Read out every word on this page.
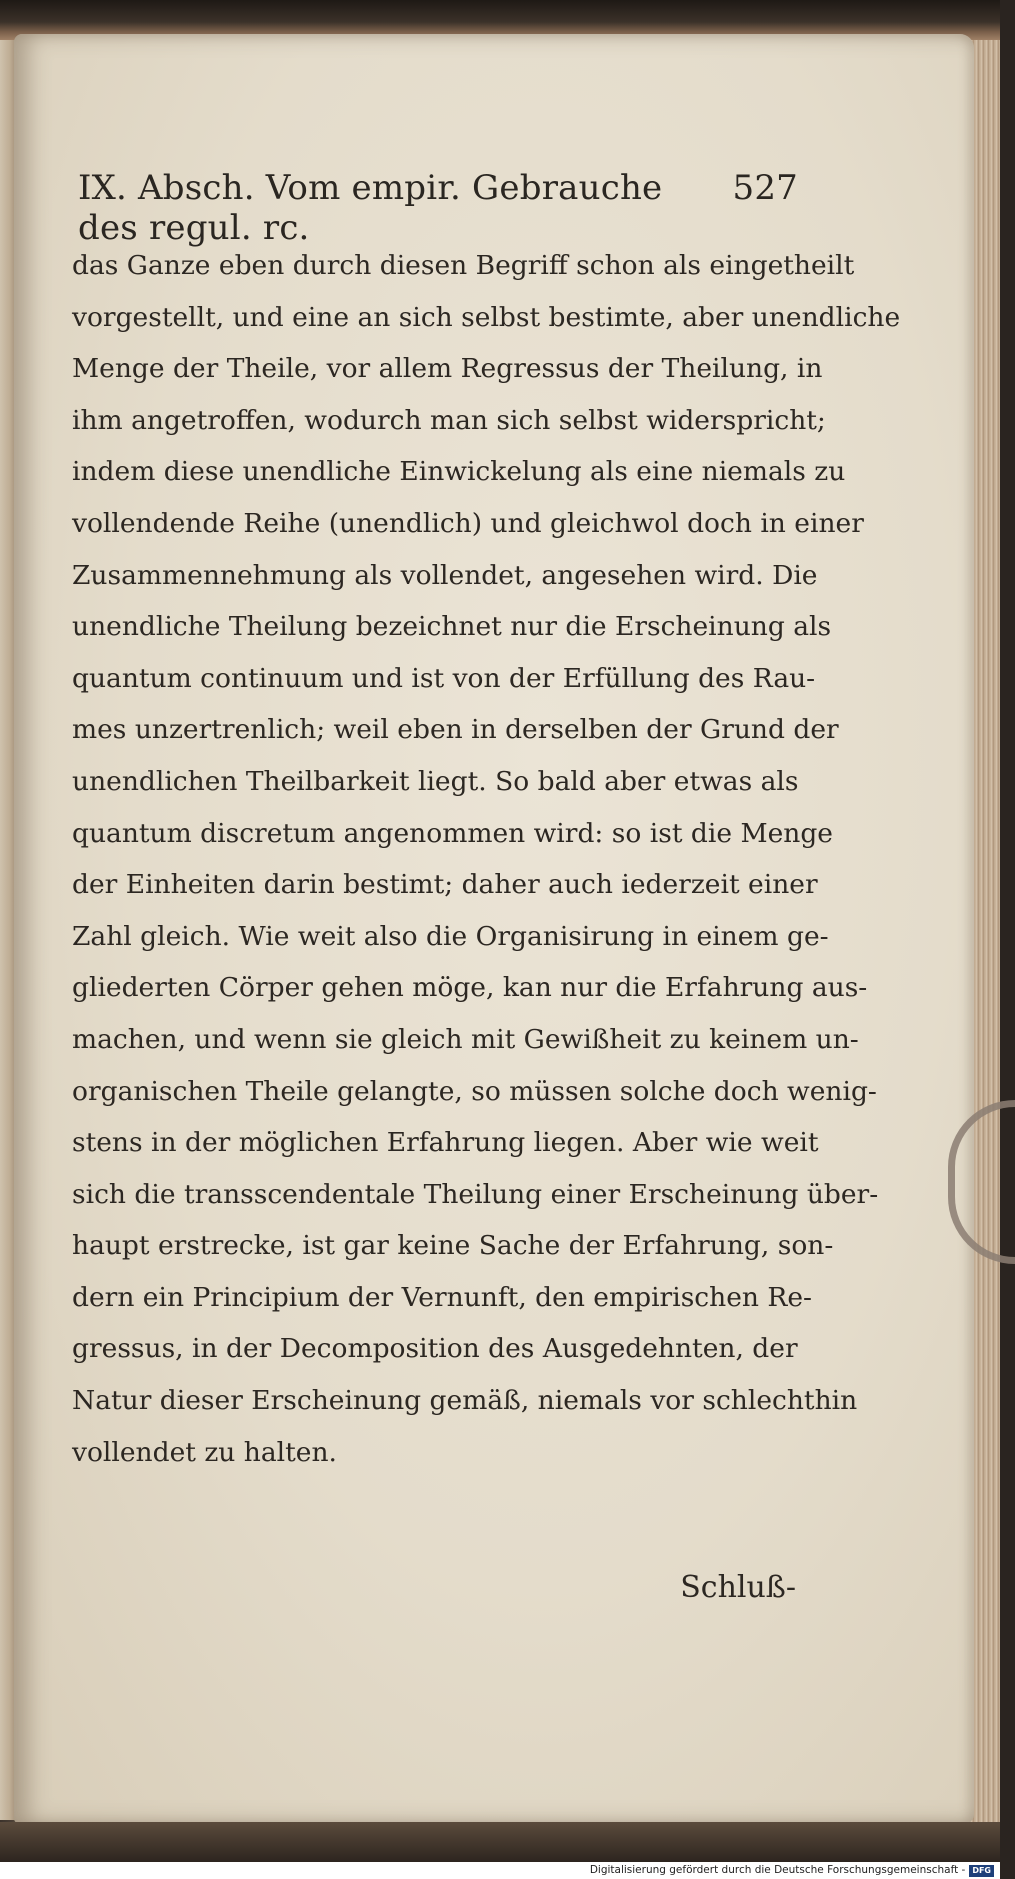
IX. Absch. Vom empir. Gebrauche des regul. rc.
527
das Ganze eben durch diesen Begriff schon als eingetheilt
vorgestellt, und eine an sich selbst bestimte, aber unendliche
Menge der Theile, vor allem Regressus der Theilung, in
ihm angetroffen, wodurch man sich selbst widerspricht;
indem diese unendliche Einwickelung als eine niemals zu
vollendende Reihe (unendlich) und gleichwol doch in einer
Zusammennehmung als vollendet, angesehen wird. Die
unendliche Theilung bezeichnet nur die Erscheinung als
quantum continuum und ist von der Erfüllung des Rau-
mes unzertrenlich; weil eben in derselben der Grund der
unendlichen Theilbarkeit liegt. So bald aber etwas als
quantum discretum angenommen wird: so ist die Menge
der Einheiten darin bestimt; daher auch iederzeit einer
Zahl gleich. Wie weit also die Organisirung in einem ge-
gliederten Cörper gehen möge, kan nur die Erfahrung aus-
machen, und wenn sie gleich mit Gewißheit zu keinem un-
organischen Theile gelangte, so müssen solche doch wenig-
stens in der möglichen Erfahrung liegen. Aber wie weit
sich die transscendentale Theilung einer Erscheinung über-
haupt erstrecke, ist gar keine Sache der Erfahrung, son-
dern ein Principium der Vernunft, den empirischen Re-
gressus, in der Decomposition des Ausgedehnten, der
Natur dieser Erscheinung gemäß, niemals vor schlechthin
vollendet zu halten.
Schluß-
Digitalisierung gefördert durch die Deutsche Forschungsgemeinschaft - DFG
